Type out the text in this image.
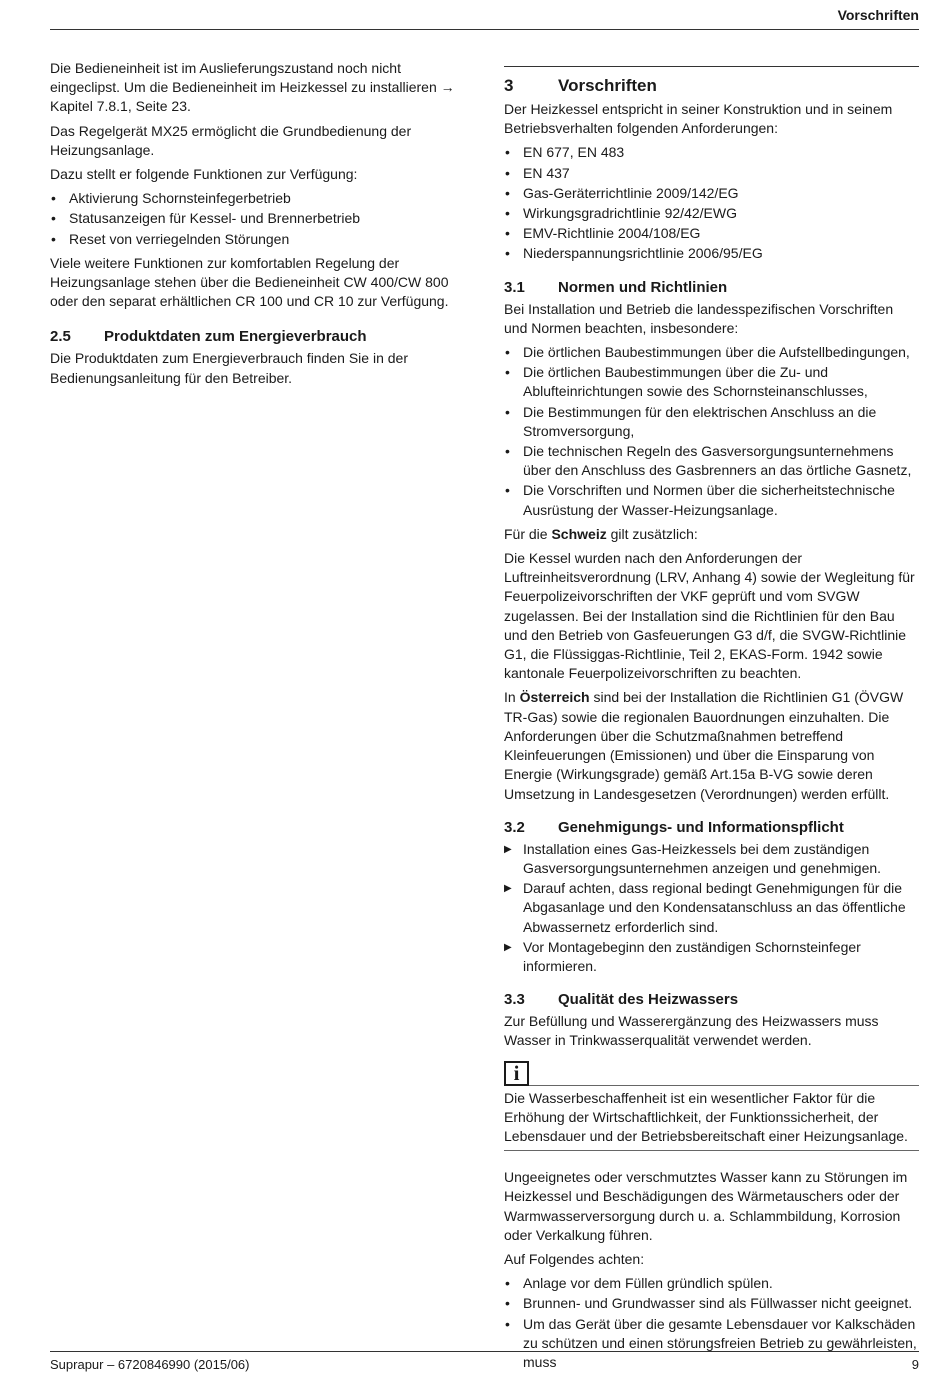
Vorschriften

Die Bedieneinheit ist im Auslieferungszustand noch nicht eingeclipst. Um die Bedieneinheit im Heizkessel zu installieren → Kapitel 7.8.1, Seite 23.

Das Regelgerät MX25 ermöglicht die Grundbedienung der Heizungsanlage.

Dazu stellt er folgende Funktionen zur Verfügung:

• Aktivierung Schornsteinfegerbetrieb
• Statusanzeigen für Kessel- und Brennerbetrieb
• Reset von verriegelnden Störungen

Viele weitere Funktionen zur komfortablen Regelung der Heizungsanlage stehen über die Bedieneinheit CW 400/CW 800 oder den separat erhältlichen CR 100 und CR 10 zur Verfügung.

2.5 Produktdaten zum Energieverbrauch

Die Produktdaten zum Energieverbrauch finden Sie in der Bedienungsanleitung für den Betreiber.

3	Vorschriften

Der Heizkessel entspricht in seiner Konstruktion und in seinem Betriebsverhalten folgenden Anforderungen:

• EN 677, EN 483
• EN 437
• Gas-Geräterrichtlinie 2009/142/EG
• Wirkungsgradrichtlinie 92/42/EWG
• EMV-Richtlinie 2004/108/EG
• Niederspannungsrichtlinie 2006/95/EG
3.1 Normen und Richtlinien

Bei Installation und Betrieb die landesspezifischen Vorschriften und Normen beachten, insbesondere:

• Die örtlichen Baubestimmungen über die Aufstellbedingungen,
• Die örtlichen Baubestimmungen über die Zu- und Ablufteinrichtungen sowie des Schornsteinanschlusses,
• Die Bestimmungen für den elektrischen Anschluss an die Stromversorgung,
• Die technischen Regeln des Gasversorgungsunternehmens über den Anschluss des Gasbrenners an das örtliche Gasnetz,
• Die Vorschriften und Normen über die sicherheitstechnische Ausrüstung der Wasser-Heizungsanlage.

Für die Schweiz gilt zusätzlich:

Die Kessel wurden nach den Anforderungen der Luftreinheitsverordnung (LRV, Anhang 4) sowie der Wegleitung für Feuerpolizeivorschriften der VKF geprüft und vom SVGW zugelassen. Bei der Installation sind die Richtlinien für den Bau und den Betrieb von Gasfeuerungen G3 d/f, die SVGW-Richtlinie G1, die Flüssiggas-Richtlinie, Teil 2, EKAS-Form. 1942 sowie kantonale Feuerpolizeivorschriften zu beachten.

In Österreich sind bei der Installation die Richtlinien G1 (ÖVGW TR-Gas) sowie die regionalen Bauordnungen einzuhalten. Die Anforderungen über die Schutzmaßnahmen betreffend Kleinfeuerungen (Emissionen) und über die Einsparung von Energie (Wirkungsgrade) gemäß Art.15a B-VG sowie deren Umsetzung in Landesgesetzen (Verordnungen) werden erfüllt.

3.2 Genehmigungs- und Informationspflicht
▶ Installation eines Gas-Heizkessels bei dem zuständigen Gasversorgungsunternehmen anzeigen und genehmigen.
▶ Darauf achten, dass regional bedingt Genehmigungen für die Abgasanlage und den Kondensatanschluss an das öffentliche Abwassernetz erforderlich sind.
▶ Vor Montagebeginn den zuständigen Schornsteinfeger informieren.
3.3 Qualität des Heizwassers

Zur Befüllung und Wasserergänzung des Heizwassers muss Wasser in Trinkwasserqualität verwendet werden.

i

Die Wasserbeschaffenheit ist ein wesentlicher Faktor für die Erhöhung der Wirtschaftlichkeit, der Funktionssicherheit, der Lebensdauer und der Betriebsbereitschaft einer Heizungsanlage.

Ungeeignetes oder verschmutztes Wasser kann zu Störungen im Heizkessel und Beschädigungen des Wärmetauschers oder der Warmwasserversorgung durch u. a. Schlammbildung, Korrosion oder Verkalkung führen.

Auf Folgendes achten:

• Anlage vor dem Füllen gründlich spülen.
• Brunnen- und Grundwasser sind als Füllwasser nicht geeignet.
• Um das Gerät über die gesamte Lebensdauer vor Kalkschäden zu schützen und einen störungsfreien Betrieb zu gewährleisten, muss
Suprapur – 6720846990 (2015/06)	9
